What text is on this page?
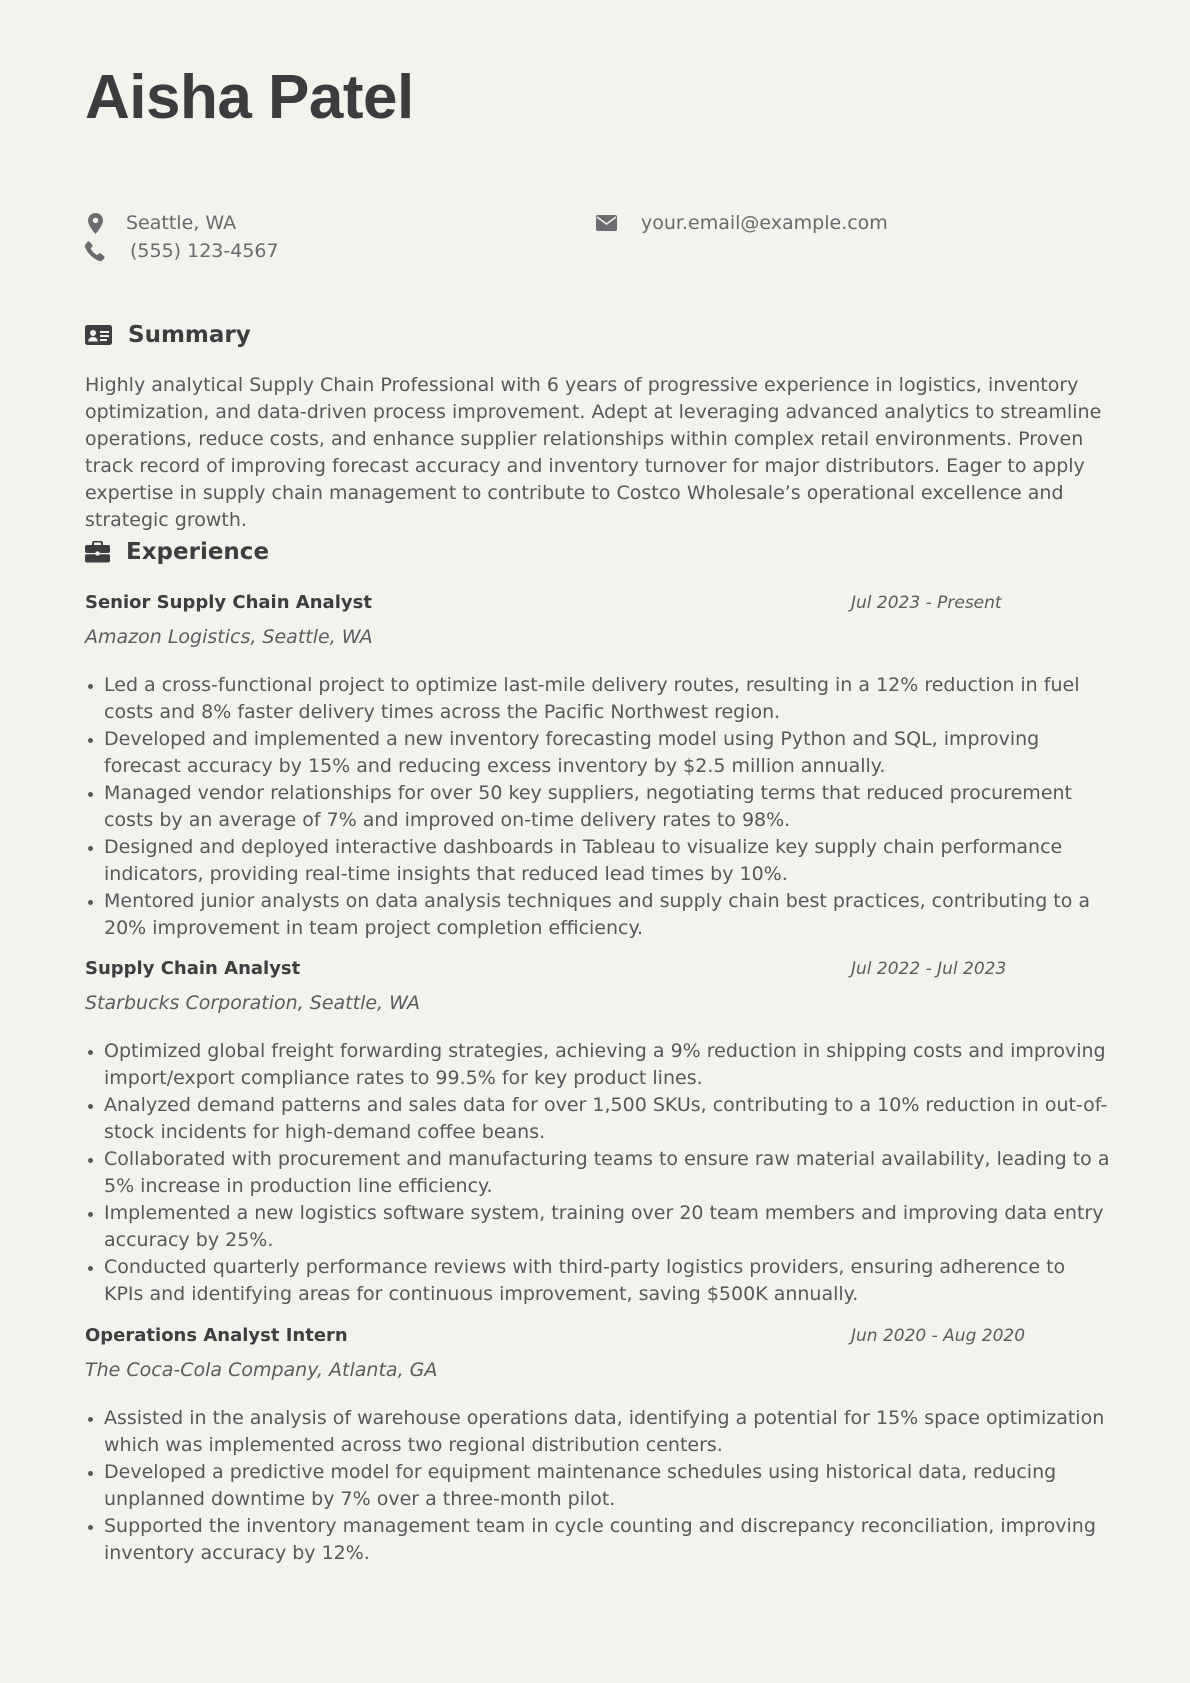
Aisha Patel
Seattle, WA
(555) 123-4567
your.email@example.com
Summary

Highly analytical Supply Chain Professional with 6 years of progressive experience in logistics, inventory optimization, and data-driven process improvement. Adept at leveraging advanced analytics to streamline operations, reduce costs, and enhance supplier relationships within complex retail environments. Proven track record of improving forecast accuracy and inventory turnover for major distributors. Eager to apply expertise in supply chain management to contribute to Costco Wholesale’s operational excellence and strategic growth.

Experience
Senior Supply Chain Analyst	Jul 2023 - Present
Amazon Logistics, Seattle, WA
• Led a cross-functional project to optimize last-mile delivery routes, resulting in a 12% reduction in fuel costs and 8% faster delivery times across the Pacific Northwest region.
• Developed and implemented a new inventory forecasting model using Python and SQL, improving forecast accuracy by 15% and reducing excess inventory by $2.5 million annually.
• Managed vendor relationships for over 50 key suppliers, negotiating terms that reduced procurement costs by an average of 7% and improved on-time delivery rates to 98%.
• Designed and deployed interactive dashboards in Tableau to visualize key supply chain performance indicators, providing real-time insights that reduced lead times by 10%.
• Mentored junior analysts on data analysis techniques and supply chain best practices, contributing to a 20% improvement in team project completion efficiency.
Supply Chain Analyst	Jul 2022 - Jul 2023
Starbucks Corporation, Seattle, WA
• Optimized global freight forwarding strategies, achieving a 9% reduction in shipping costs and improving import/export compliance rates to 99.5% for key product lines.
• Analyzed demand patterns and sales data for over 1,500 SKUs, contributing to a 10% reduction in out-of-stock incidents for high-demand coffee beans.
• Collaborated with procurement and manufacturing teams to ensure raw material availability, leading to a 5% increase in production line efficiency.
• Implemented a new logistics software system, training over 20 team members and improving data entry accuracy by 25%.
• Conducted quarterly performance reviews with third-party logistics providers, ensuring adherence to KPIs and identifying areas for continuous improvement, saving $500K annually.
Operations Analyst Intern	Jun 2020 - Aug 2020
The Coca-Cola Company, Atlanta, GA
• Assisted in the analysis of warehouse operations data, identifying a potential for 15% space optimization which was implemented across two regional distribution centers.
• Developed a predictive model for equipment maintenance schedules using historical data, reducing unplanned downtime by 7% over a three-month pilot.
• Supported the inventory management team in cycle counting and discrepancy reconciliation, improving inventory accuracy by 12%.
